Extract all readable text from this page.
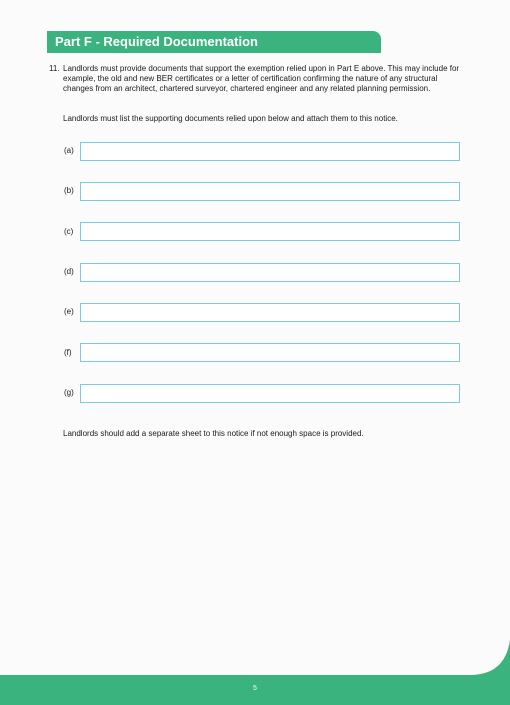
Part F - Required Documentation
11. Landlords must provide documents that support the exemption relied upon in Part E above. This may include for example, the old and new BER certificates or a letter of certification confirming the nature of any structural changes from an architect, chartered surveyor, chartered engineer and any related planning permission.
Landlords must list the supporting documents relied upon below and attach them to this notice.
(a)
(b)
(c)
(d)
(e)
(f)
(g)
Landlords should add a separate sheet to this notice if not enough space is provided.
5
